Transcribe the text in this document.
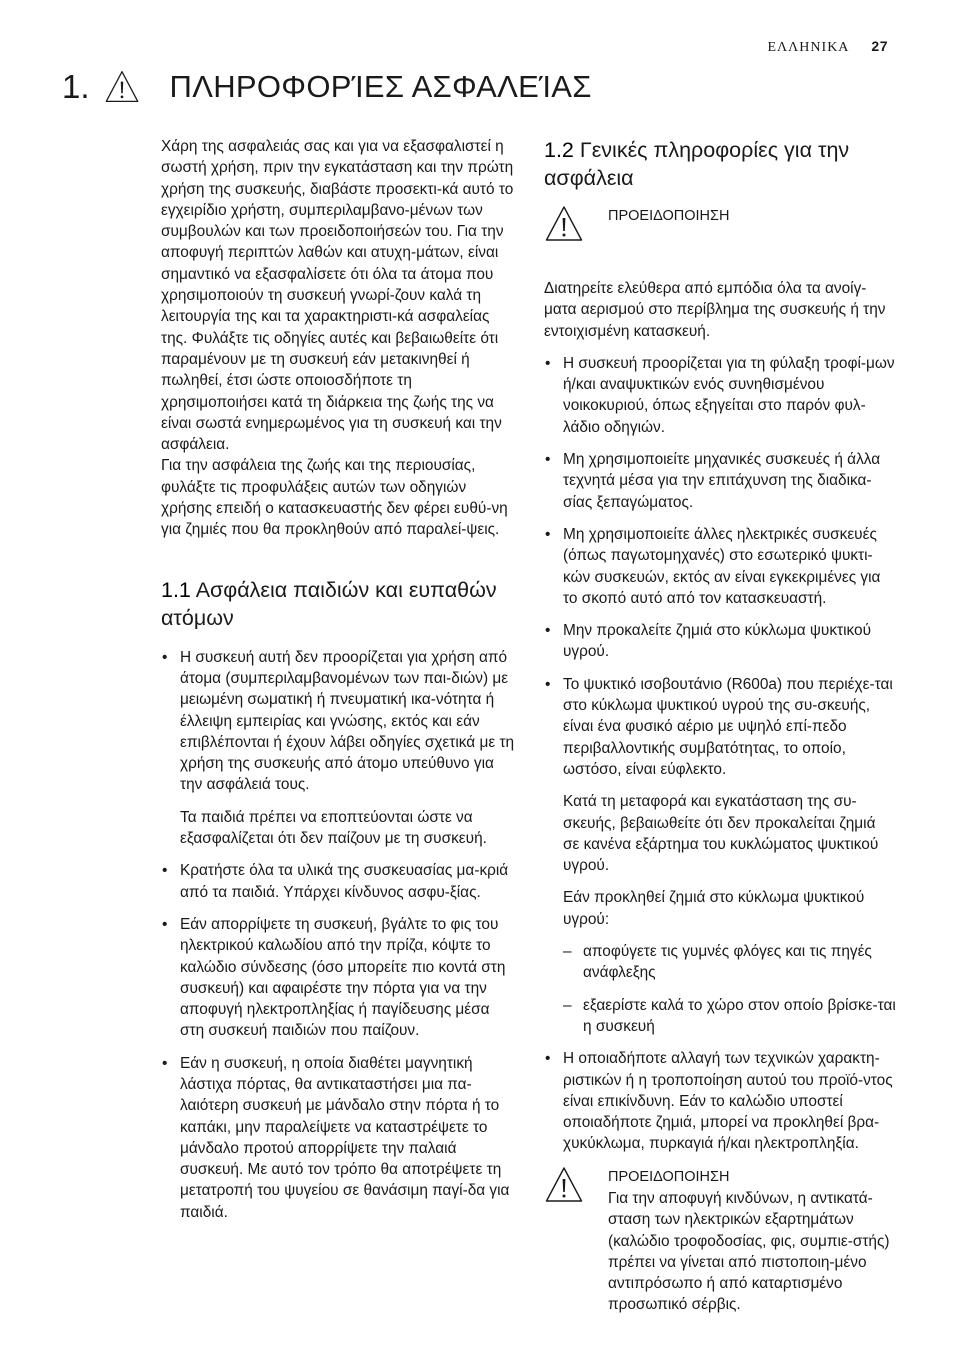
ΕΛΛΗΝΙΚΑ 27
1.	ΠΛΗΡΟΦΟΡΊΕΣ ΑΣΦΑΛΕΊΑΣ

Χάρη της ασφαλειάς σας και για να εξασφαλιστεί η σωστή χρήση, πριν την εγκατάσταση και την πρώτη χρήση της συσκευής, διαβάστε προσεκτι-κά αυτό το εγχειρίδιο χρήστη, συμπεριλαμβανο-μένων των συμβουλών και των προειδοποιήσεών του. Για την αποφυγή περιπτών λαθών και ατυχη-μάτων, είναι σημαντικό να εξασφαλίσετε ότι όλα τα άτομα που χρησιμοποιούν τη συσκευή γνωρί-ζουν καλά τη λειτουργία της και τα χαρακτηριστι-κά ασφαλείας της. Φυλάξτε τις οδηγίες αυτές και βεβαιωθείτε ότι παραμένουν με τη συσκευή εάν μετακινηθεί ή πωληθεί, έτσι ώστε οποιοσδήποτε τη χρησιμοποιήσει κατά τη διάρκεια της ζωής της να είναι σωστά ενημερωμένος για τη συσκευή και την ασφάλεια.

Για την ασφάλεια της ζωής και της περιουσίας, φυλάξτε τις προφυλάξεις αυτών των οδηγιών χρήσης επειδή ο κατασκευαστής δεν φέρει ευθύ-νη για ζημιές που θα προκληθούν από παραλεί-ψεις.

1.1 Ασφάλεια παιδιών και ευπαθών ατόμων

• Η συσκευή αυτή δεν προορίζεται για χρήση από άτομα (συμπεριλαμβανομένων των παι-διών) με μειωμένη σωματική ή πνευματική ικα-νότητα ή έλλειψη εμπειρίας και γνώσης, εκτός και εάν επιβλέπονται ή έχουν λάβει οδηγίες σχετικά με τη χρήση της συσκευής από άτομο υπεύθυνο για την ασφάλειά τους.

Τα παιδιά πρέπει να εποπτεύονται ώστε να εξασφαλίζεται ότι δεν παίζουν με τη συσκευή.

• Κρατήστε όλα τα υλικά της συσκευασίας μα-κριά από τα παιδιά. Υπάρχει κίνδυνος ασφυ-ξίας.

• Εάν απορρίψετε τη συσκευή, βγάλτε το φις του ηλεκτρικού καλωδίου από την πρίζα, κόψτε το καλώδιο σύνδεσης (όσο μπορείτε πιο κοντά στη συσκευή) και αφαιρέστε την πόρτα για να την αποφυγή ηλεκτροπληξίας ή παγίδευσης μέσα στη συσκευή παιδιών που παίζουν.

• Εάν η συσκευή, η οποία διαθέτει μαγνητική λάστιχα πόρτας, θα αντικαταστήσει μια πα-λαιότερη συσκευή με μάνδαλο στην πόρτα ή το καπάκι, μην παραλείψετε να καταστρέψετε το μάνδαλο προτού απορρίψετε την παλαιά συσκευή. Με αυτό τον τρόπο θα αποτρέψετε τη μετατροπή του ψυγείου σε θανάσιμη παγί-δα για παιδιά.

1.2 Γενικές πληροφορίες για την ασφάλεια
ΠΡΟΕΙΔΟΠΟΙΗΣΗ

Διατηρείτε ελεύθερα από εμπόδια όλα τα ανοίγ-ματα αερισμού στο περίβλημα της συσκευής ή την εντοιχισμένη κατασκευή.

• Η συσκευή προορίζεται για τη φύλαξη τροφί-μων ή/και αναψυκτικών ενός συνηθισμένου νοικοκυριού, όπως εξηγείται στο παρόν φυλ-λάδιο οδηγιών.

• Μη χρησιμοποιείτε μηχανικές συσκευές ή άλλα τεχνητά μέσα για την επιτάχυνση της διαδικα-σίας ξεπαγώματος.

• Μη χρησιμοποιείτε άλλες ηλεκτρικές συσκευές (όπως παγωτομηχανές) στο εσωτερικό ψυκτι-κών συσκευών, εκτός αν είναι εγκεκριμένες για το σκοπό αυτό από τον κατασκευαστή.

• Μην προκαλείτε ζημιά στο κύκλωμα ψυκτικού υγρού.

• Το ψυκτικό ισοβουτάνιο (R600a) που περιέχε-ται στο κύκλωμα ψυκτικού υγρού της συ-σκευής, είναι ένα φυσικό αέριο με υψηλό επί-πεδο περιβαλλοντικής συμβατότητας, το οποίο, ωστόσο, είναι εύφλεκτο.

Κατά τη μεταφορά και εγκατάσταση της συ-σκευής, βεβαιωθείτε ότι δεν προκαλείται ζημιά σε κανένα εξάρτημα του κυκλώματος ψυκτικού υγρού.

Εάν προκληθεί ζημιά στο κύκλωμα ψυκτικού υγρού:

– αποφύγετε τις γυμνές φλόγες και τις πηγές ανάφλεξης
– εξαερίστε καλά το χώρο στον οποίο βρίσκε-ται η συσκευή

• Η οποιαδήποτε αλλαγή των τεχνικών χαρακτη-ριστικών ή η τροποποίηση αυτού του προϊό-ντος είναι επικίνδυνη. Εάν το καλώδιο υποστεί οποιαδήποτε ζημιά, μπορεί να προκληθεί βρα-χυκύκλωμα, πυρκαγιά ή/και ηλεκτροπληξία.

ΠΡΟΕΙΔΟΠΟΙΗΣΗ

Για την αποφυγή κινδύνων, η αντικατά-σταση των ηλεκτρικών εξαρτημάτων (καλώδιο τροφοδοσίας, φις, συμπιε-στής) πρέπει να γίνεται από πιστοποιη-μένο αντιπρόσωπο ή από καταρτισμένο προσωπικό σέρβις.
